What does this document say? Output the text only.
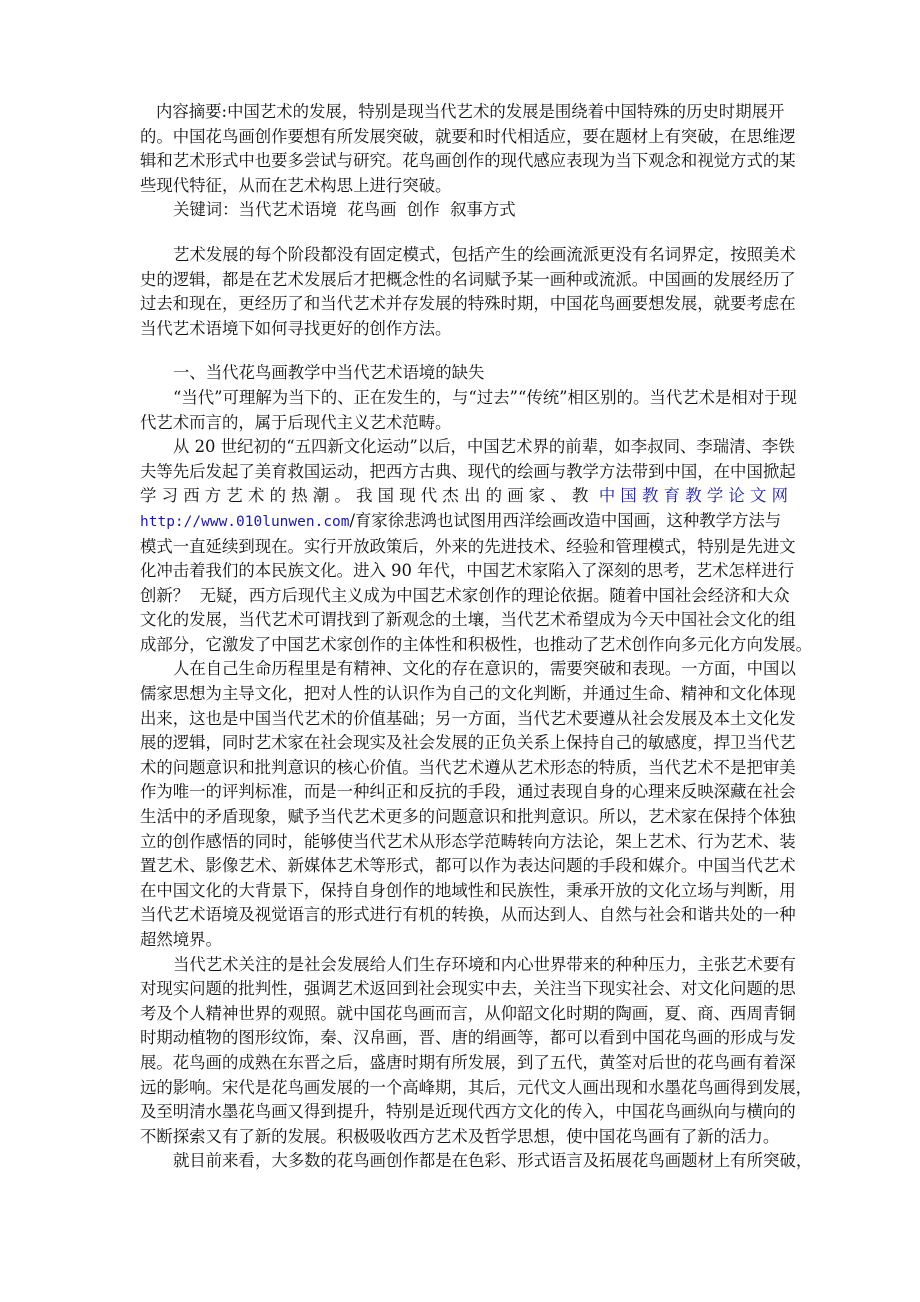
内容摘要:中国艺术的发展，特别是现当代艺术的发展是围绕着中国特殊的历史时期展开
的。中国花鸟画创作要想有所发展突破，就要和时代相适应，要在题材上有突破，在思维逻
辑和艺术形式中也要多尝试与研究。花鸟画创作的现代感应表现为当下观念和视觉方式的某
些现代特征，从而在艺术构思上进行突破。
关键词：当代艺术语境  花鸟画  创作  叙事方式
艺术发展的每个阶段都没有固定模式，包括产生的绘画流派更没有名词界定，按照美术
史的逻辑，都是在艺术发展后才把概念性的名词赋予某一画种或流派。中国画的发展经历了
过去和现在，更经历了和当代艺术并存发展的特殊时期，中国花鸟画要想发展，就要考虑在
当代艺术语境下如何寻找更好的创作方法。
一、当代花鸟画教学中当代艺术语境的缺失
“当代”可理解为当下的、正在发生的，与“过去”“传统”相区别的。当代艺术是相对于现
代艺术而言的，属于后现代主义艺术范畴。
从 20 世纪初的“五四新文化运动”以后，中国艺术界的前辈，如李叔同、李瑞清、李铁
夫等先后发起了美育救国运动，把西方古典、现代的绘画与教学方法带到中国，在中国掀起
学 习 西 方 艺 术 的 热 潮 。 我 国 现 代 杰 出 的 画 家 、 教 中 国 教 育 教 学 论 文 网
http://www.010lunwen.com/育家徐悲鸿也试图用西洋绘画改造中国画，这种教学方法与
模式一直延续到现在。实行开放政策后，外来的先进技术、经验和管理模式，特别是先进文
化冲击着我们的本民族文化。进入 90 年代，中国艺术家陷入了深刻的思考，艺术怎样进行
创新？  无疑，西方后现代主义成为中国艺术家创作的理论依据。随着中国社会经济和大众
文化的发展，当代艺术可谓找到了新观念的土壤，当代艺术希望成为今天中国社会文化的组
成部分，它激发了中国艺术家创作的主体性和积极性，也推动了艺术创作向多元化方向发展。
人在自己生命历程里是有精神、文化的存在意识的，需要突破和表现。一方面，中国以
儒家思想为主导文化，把对人性的认识作为自己的文化判断，并通过生命、精神和文化体现
出来，这也是中国当代艺术的价值基础；另一方面，当代艺术要遵从社会发展及本土文化发
展的逻辑，同时艺术家在社会现实及社会发展的正负关系上保持自己的敏感度，捍卫当代艺
术的问题意识和批判意识的核心价值。当代艺术遵从艺术形态的特质，当代艺术不是把审美
作为唯一的评判标准，而是一种纠正和反抗的手段，通过表现自身的心理来反映深藏在社会
生活中的矛盾现象，赋予当代艺术更多的问题意识和批判意识。所以，艺术家在保持个体独
立的创作感悟的同时，能够使当代艺术从形态学范畴转向方法论，架上艺术、行为艺术、装
置艺术、影像艺术、新媒体艺术等形式，都可以作为表达问题的手段和媒介。中国当代艺术
在中国文化的大背景下，保持自身创作的地域性和民族性，秉承开放的文化立场与判断，用
当代艺术语境及视觉语言的形式进行有机的转换，从而达到人、自然与社会和谐共处的一种
超然境界。
当代艺术关注的是社会发展给人们生存环境和内心世界带来的种种压力，主张艺术要有
对现实问题的批判性，强调艺术返回到社会现实中去，关注当下现实社会、对文化问题的思
考及个人精神世界的观照。就中国花鸟画而言，从仰韶文化时期的陶画，夏、商、西周青铜
时期动植物的图形纹饰，秦、汉帛画，晋、唐的绢画等，都可以看到中国花鸟画的形成与发
展。花鸟画的成熟在东晋之后，盛唐时期有所发展，到了五代，黄筌对后世的花鸟画有着深
远的影响。宋代是花鸟画发展的一个高峰期，其后，元代文人画出现和水墨花鸟画得到发展，
及至明清水墨花鸟画又得到提升，特别是近现代西方文化的传入，中国花鸟画纵向与横向的
不断探索又有了新的发展。积极吸收西方艺术及哲学思想，使中国花鸟画有了新的活力。
就目前来看，大多数的花鸟画创作都是在色彩、形式语言及拓展花鸟画题材上有所突破，
